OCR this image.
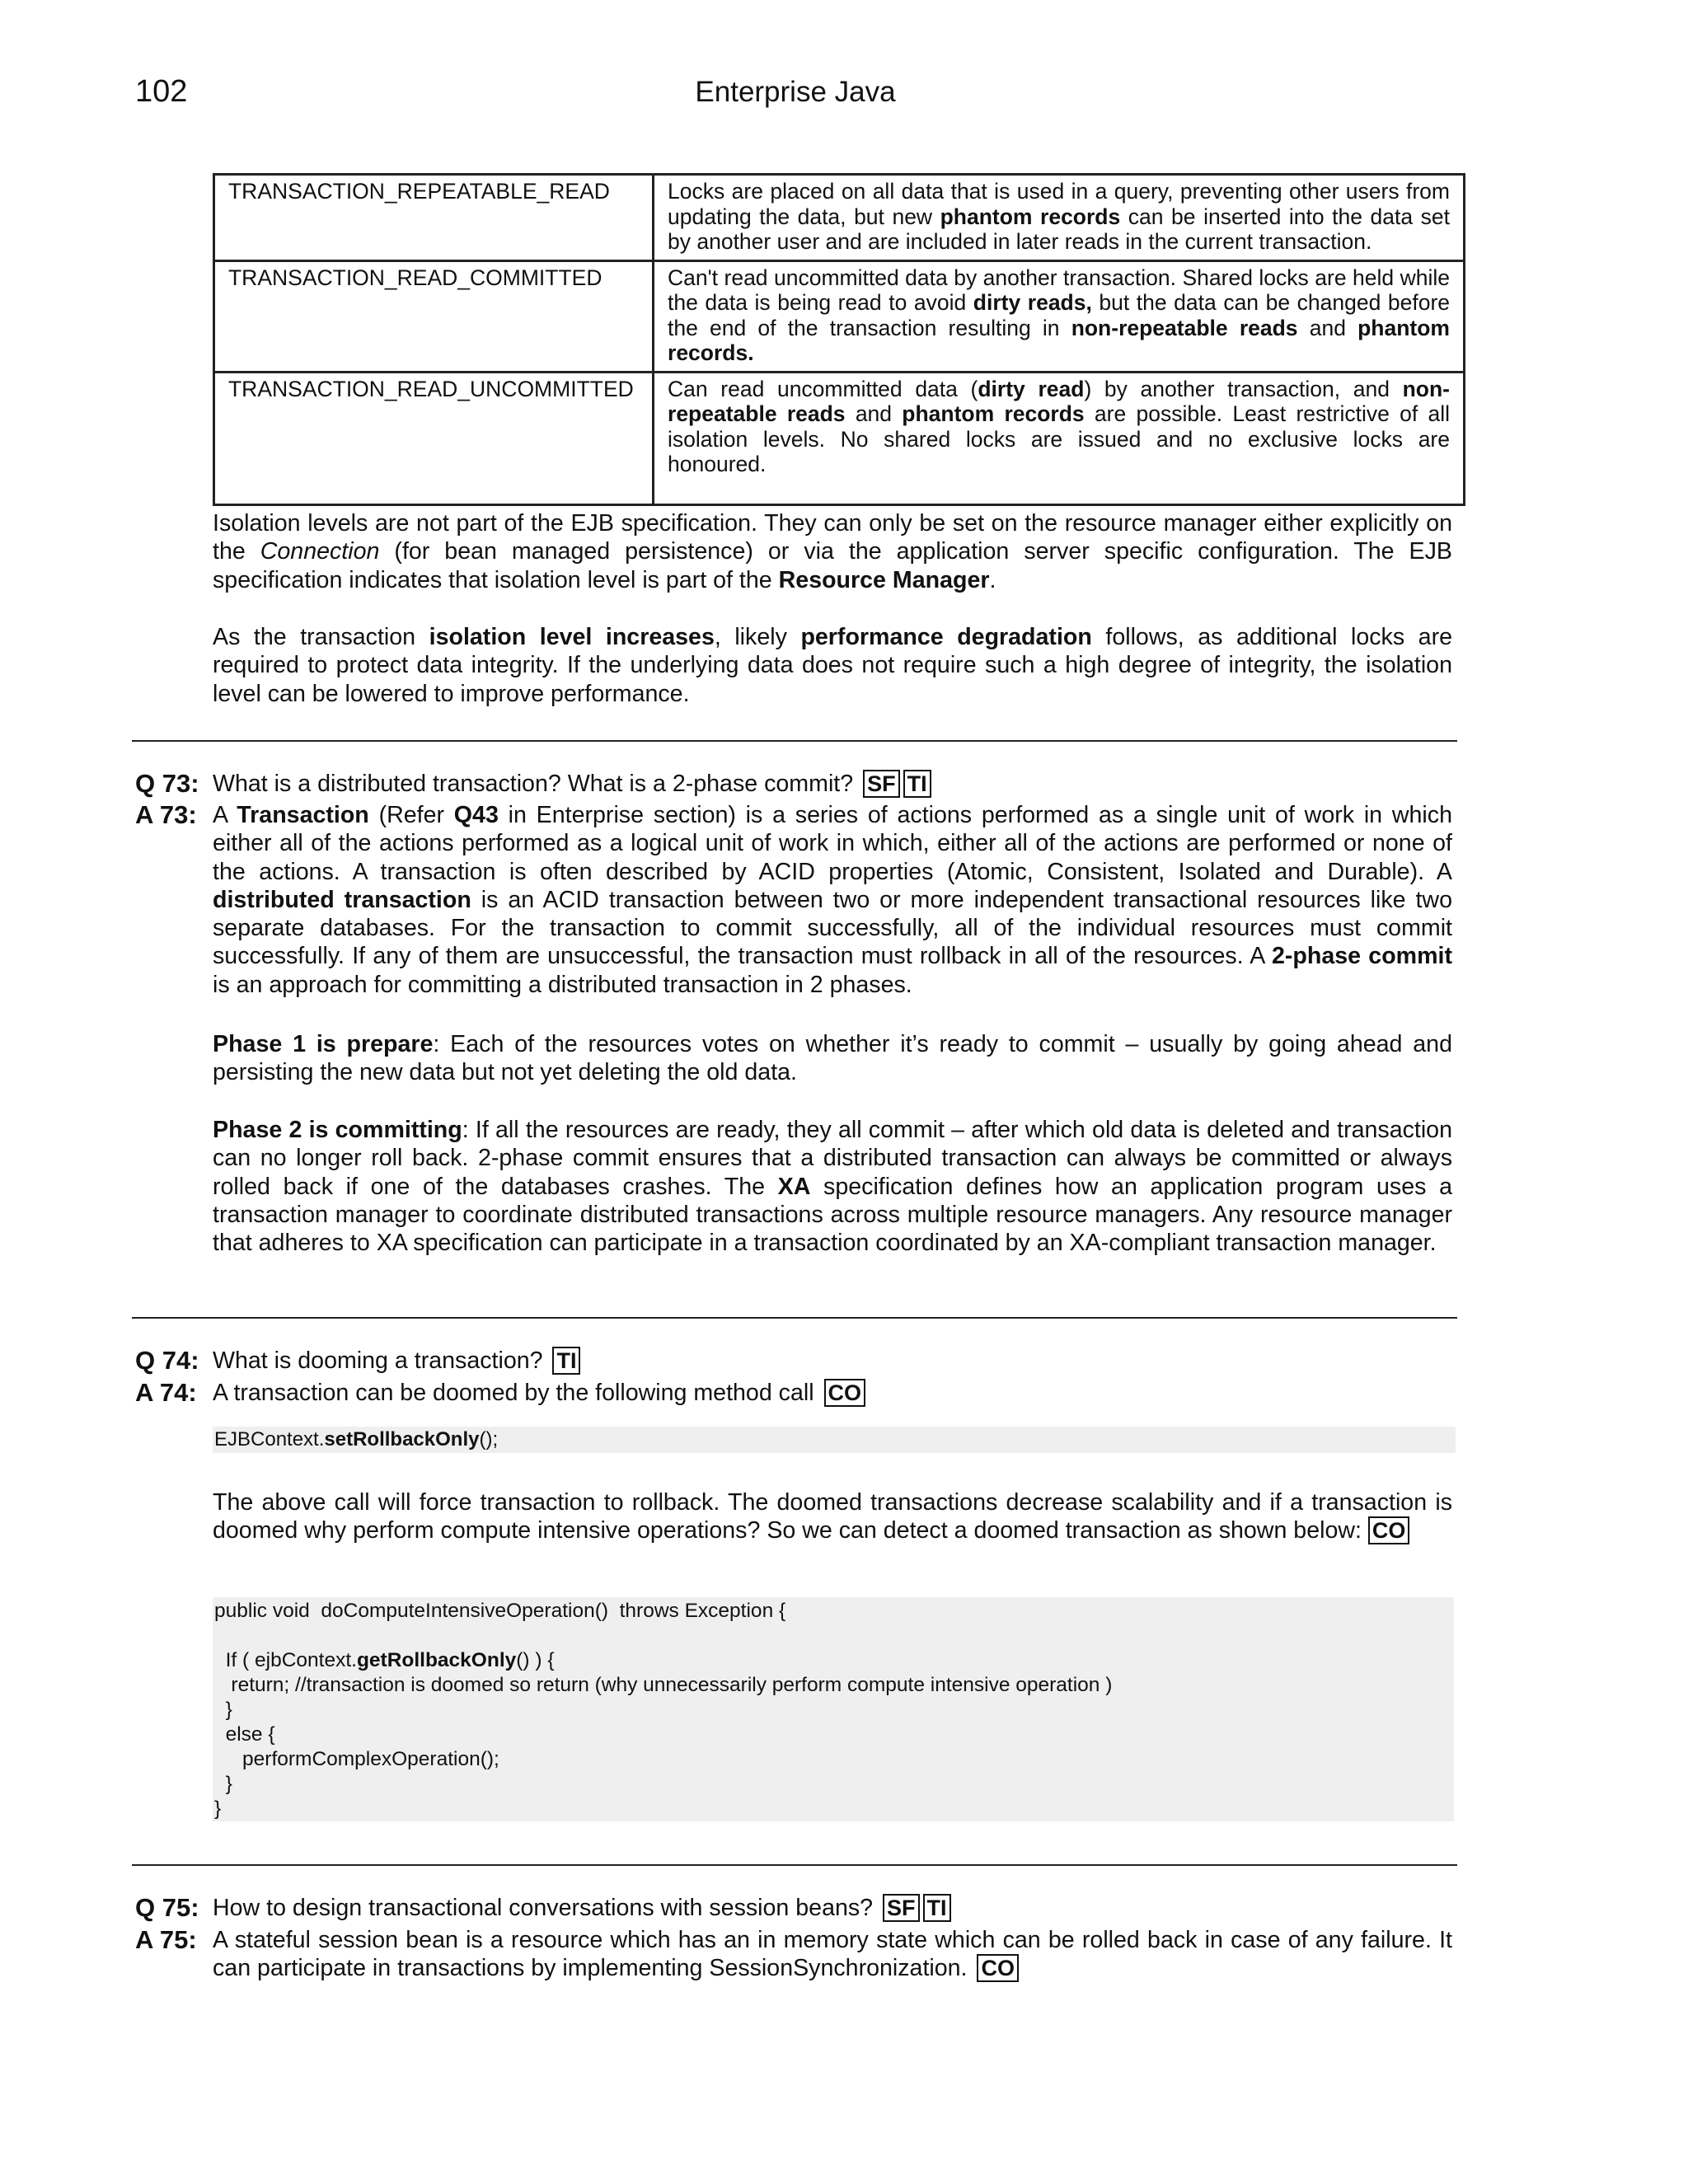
102	Enterprise Java
TRANSACTION_REPEATABLE_READ	Locks are placed on all data that is used in a query, preventing other users from updating the data, but new phantom records can be inserted into the data set by another user and are included in later reads in the current transaction.
TRANSACTION_READ_COMMITTED	Can't read uncommitted data by another transaction. Shared locks are held while the data is being read to avoid dirty reads, but the data can be changed before the end of the transaction resulting in non-repeatable reads and phantom records.
TRANSACTION_READ_UNCOMMITTED	Can read uncommitted data (dirty read) by another transaction, and non-repeatable reads and phantom records are possible. Least restrictive of all isolation levels. No shared locks are issued and no exclusive locks are honoured.

Isolation levels are not part of the EJB specification. They can only be set on the resource manager either explicitly on the Connection (for bean managed persistence) or via the application server specific configuration. The EJB specification indicates that isolation level is part of the Resource Manager.

As the transaction isolation level increases, likely performance degradation follows, as additional locks are required to protect data integrity. If the underlying data does not require such a high degree of integrity, the isolation level can be lowered to improve performance.

Q 73: What is a distributed transaction? What is a 2-phase commit? SF TI
A 73: A Transaction (Refer Q43 in Enterprise section) is a series of actions performed as a single unit of work in which either all of the actions performed as a logical unit of work in which, either all of the actions are performed or none of the actions. A transaction is often described by ACID properties (Atomic, Consistent, Isolated and Durable). A distributed transaction is an ACID transaction between two or more independent transactional resources like two separate databases. For the transaction to commit successfully, all of the individual resources must commit successfully. If any of them are unsuccessful, the transaction must rollback in all of the resources. A 2-phase commit is an approach for committing a distributed transaction in 2 phases.

Phase 1 is prepare: Each of the resources votes on whether it’s ready to commit – usually by going ahead and persisting the new data but not yet deleting the old data.

Phase 2 is committing: If all the resources are ready, they all commit – after which old data is deleted and transaction can no longer roll back. 2-phase commit ensures that a distributed transaction can always be committed or always rolled back if one of the databases crashes. The XA specification defines how an application program uses a transaction manager to coordinate distributed transactions across multiple resource managers. Any resource manager that adheres to XA specification can participate in a transaction coordinated by an XA-compliant transaction manager.

Q 74: What is dooming a transaction? TI
A 74: A transaction can be doomed by the following method call CO
EJBContext.setRollbackOnly();

The above call will force transaction to rollback. The doomed transactions decrease scalability and if a transaction is doomed why perform compute intensive operations? So we can detect a doomed transaction as shown below: CO

public void  doComputeIntensiveOperation()  throws Exception {
If ( ejbContext.getRollbackOnly() ) {
return; //transaction is doomed so return (why unnecessarily perform compute intensive operation )
}
else {
performComplexOperation();
}
}
Q 75: How to design transactional conversations with session beans? SF TI
A 75: A stateful session bean is a resource which has an in memory state which can be rolled back in case of any failure. It can participate in transactions by implementing SessionSynchronization. CO
